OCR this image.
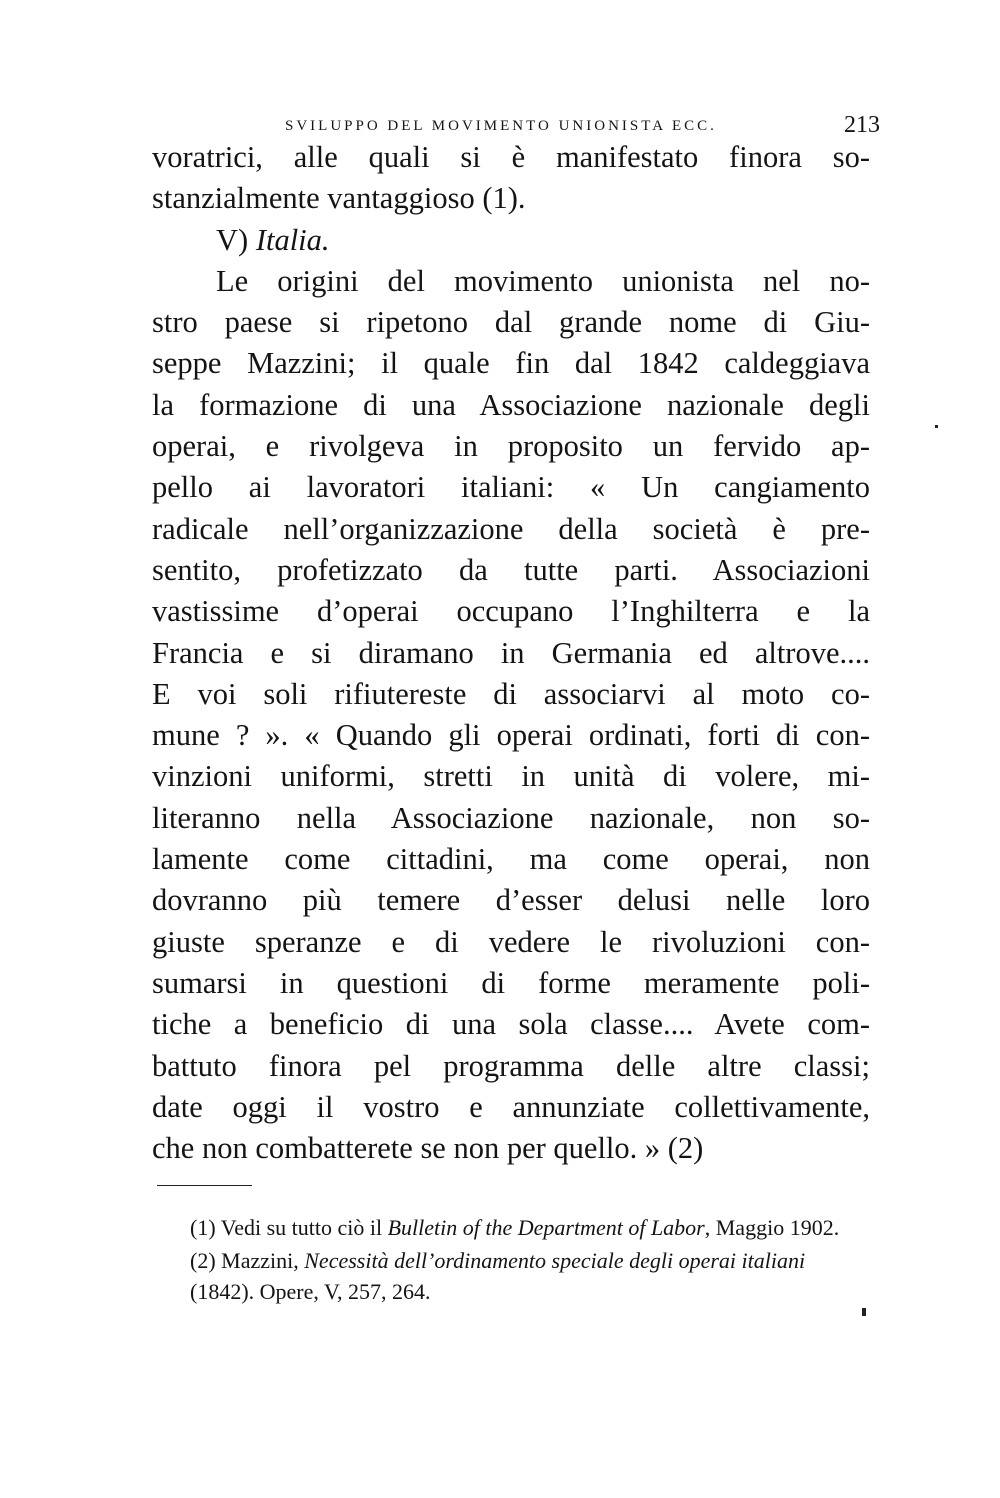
SVILUPPO DEL MOVIMENTO UNIONISTA ECC.	213
voratrici, alle quali si è manifestato finora so-
stanzialmente vantaggioso (1).
V) Italia.
Le origini del movimento unionista nel no-
stro paese si ripetono dal grande nome di Giu-
seppe Mazzini; il quale fin dal 1842 caldeggiava
la formazione di una Associazione nazionale degli
operai, e rivolgeva in proposito un fervido ap-
pello ai lavoratori italiani: « Un cangiamento
radicale nell’organizzazione della società è pre-
sentito, profetizzato da tutte parti. Associazioni
vastissime d’operai occupano l’Inghilterra e la
Francia e si diramano in Germania ed altrove....
E voi soli rifiutereste di associarvi al moto co-
mune ? ». « Quando gli operai ordinati, forti di con-
vinzioni uniformi, stretti in unità di volere, mi-
literanno nella Associazione nazionale, non so-
lamente come cittadini, ma come operai, non
dovranno più temere d’esser delusi nelle loro
giuste speranze e di vedere le rivoluzioni con-
sumarsi in questioni di forme meramente poli-
tiche a beneficio di una sola classe.... Avete com-
battuto finora pel programma delle altre classi;
date oggi il vostro e annunziate collettivamente,
che non combatterete se non per quello. » (2)
(1) Vedi su tutto ciò il Bulletin of the Department of Labor, Maggio 1902.
(2) Mazzini, Necessità dell’ordinamento speciale degli operai italiani (1842). Opere, V, 257, 264.
